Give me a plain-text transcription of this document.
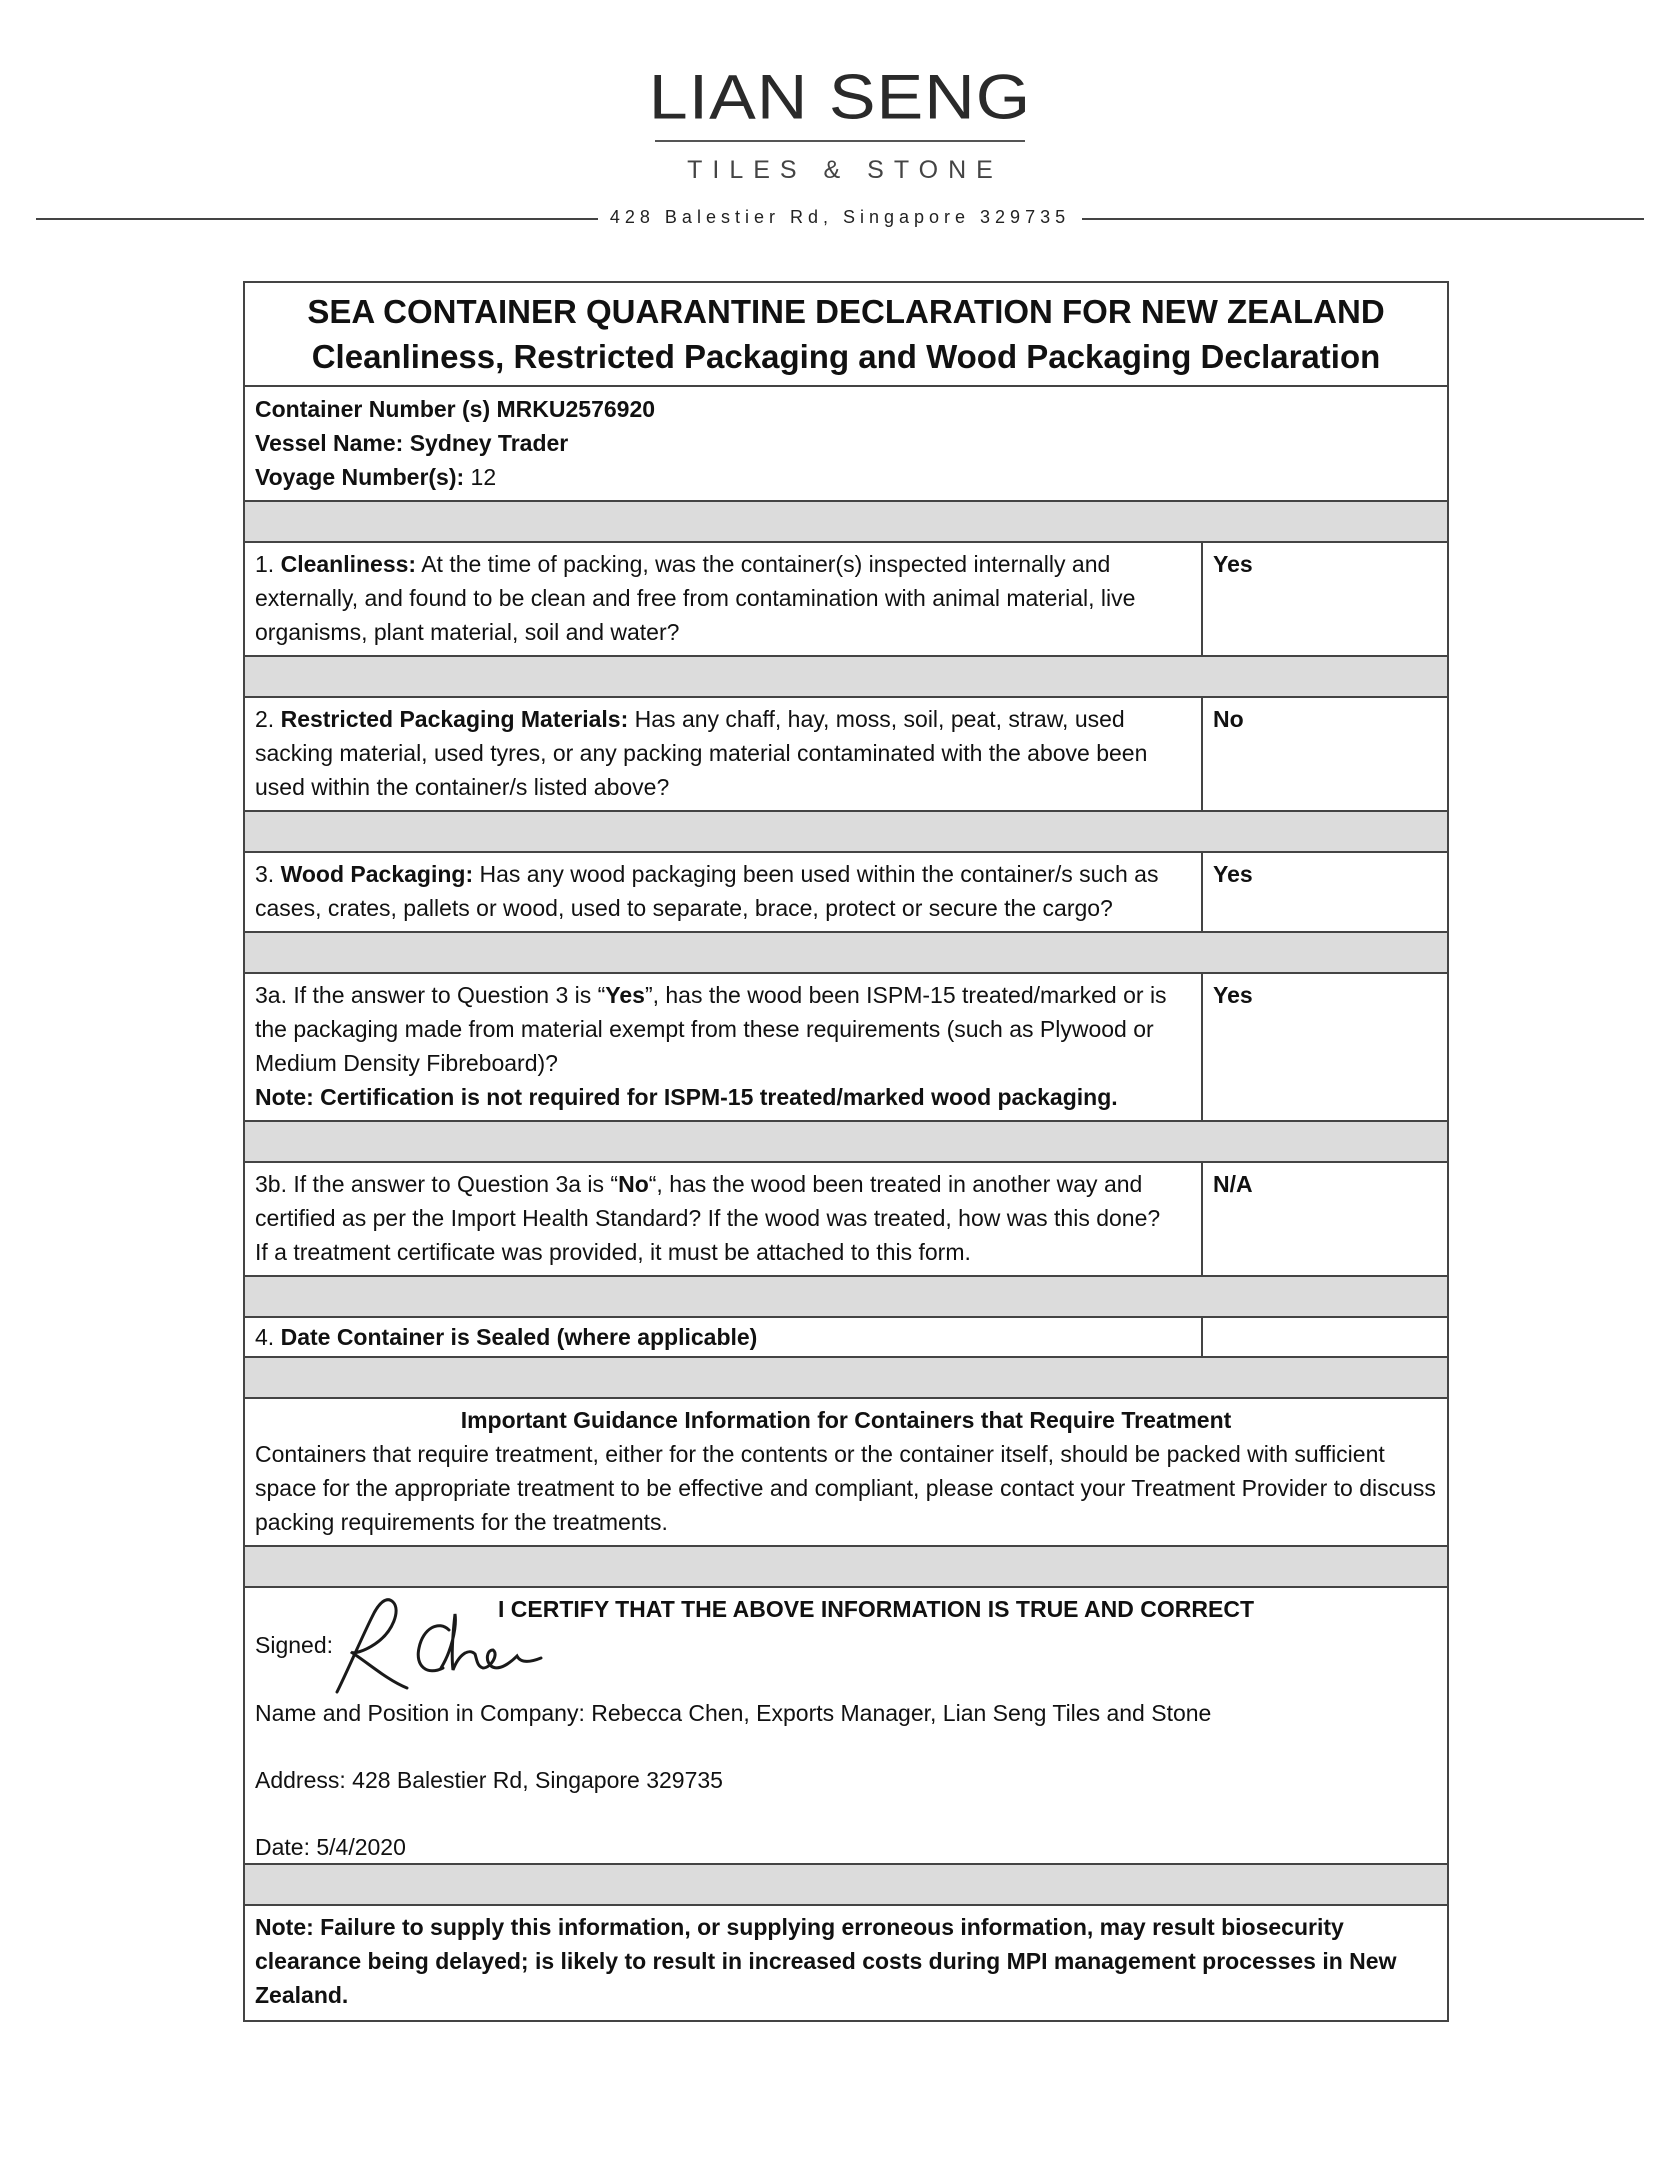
LIAN SENG
TILES & STONE
428 Balestier Rd, Singapore 329735
SEA CONTAINER QUARANTINE DECLARATION FOR NEW ZEALAND
Cleanliness, Restricted Packaging and Wood Packaging Declaration
Container Number (s) MRKU2576920
Vessel Name: Sydney Trader
Voyage Number(s): 12
1. Cleanliness: At the time of packing, was the container(s) inspected internally and externally, and found to be clean and free from contamination with animal material, live organisms, plant material, soil and water?
Yes
2. Restricted Packaging Materials: Has any chaff, hay, moss, soil, peat, straw, used sacking material, used tyres, or any packing material contaminated with the above been used within the container/s listed above?
No
3. Wood Packaging: Has any wood packaging been used within the container/s such as cases, crates, pallets or wood, used to separate, brace, protect or secure the cargo?
Yes
3a. If the answer to Question 3 is “Yes”, has the wood been ISPM-15 treated/marked or is the packaging made from material exempt from these requirements (such as Plywood or Medium Density Fibreboard)?
Note: Certification is not required for ISPM-15 treated/marked wood packaging.
Yes
3b. If the answer to Question 3a is “No“, has the wood been treated in another way and certified as per the Import Health Standard? If the wood was treated, how was this done?
If a treatment certificate was provided, it must be attached to this form.
N/A
4. Date Container is Sealed (where applicable)
Important Guidance Information for Containers that Require Treatment
Containers that require treatment, either for the contents or the container itself, should be packed with sufficient space for the appropriate treatment to be effective and compliant, please contact your Treatment Provider to discuss packing requirements for the treatments.
I CERTIFY THAT THE ABOVE INFORMATION IS TRUE AND CORRECT
Signed:
Name and Position in Company: Rebecca Chen, Exports Manager, Lian Seng Tiles and Stone
Address: 428 Balestier Rd, Singapore 329735
Date: 5/4/2020
Note: Failure to supply this information, or supplying erroneous information, may result biosecurity clearance being delayed; is likely to result in increased costs during MPI management processes in New Zealand.
